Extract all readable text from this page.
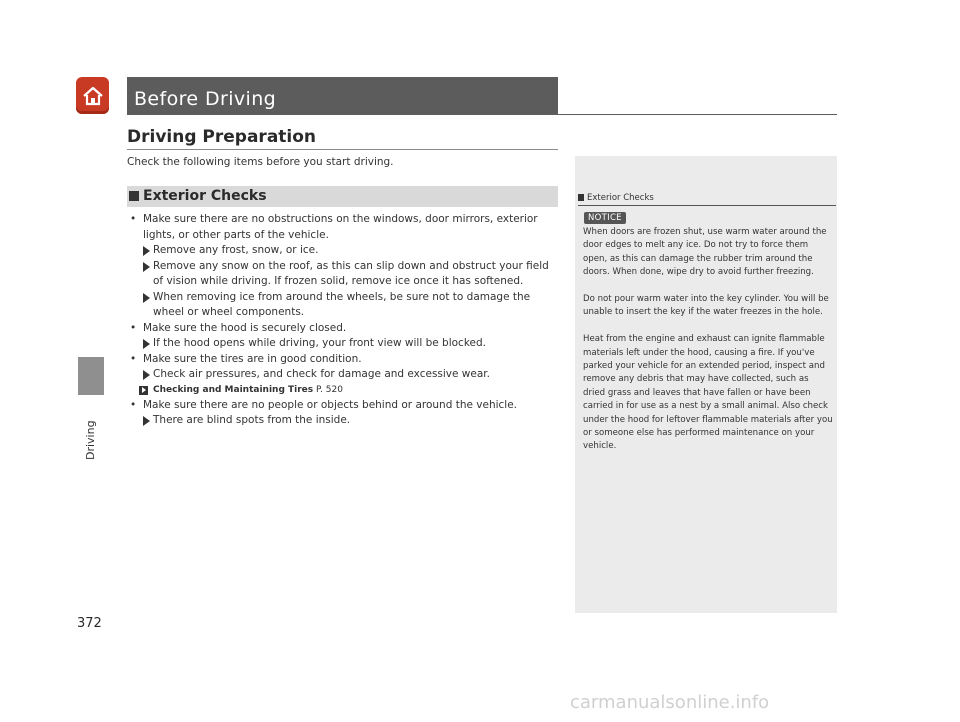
Driving
Before Driving
Driving Preparation
Check the following items before you start driving.
Exterior Checks
• Make sure there are no obstructions on the windows, door mirrors, exterior lights, or other parts of the vehicle.
Remove any frost, snow, or ice.
Remove any snow on the roof, as this can slip down and obstruct your field of vision while driving. If frozen solid, remove ice once it has softened.
When removing ice from around the wheels, be sure not to damage the wheel or wheel components.
• Make sure the hood is securely closed.
If the hood opens while driving, your front view will be blocked.
• Make sure the tires are in good condition.
Check air pressures, and check for damage and excessive wear.
Checking and Maintaining Tires P. 520
• Make sure there are no people or objects behind or around the vehicle.
There are blind spots from the inside.
Exterior Checks
NOTICE

When doors are frozen shut, use warm water around the door edges to melt any ice. Do not try to force them open, as this can damage the rubber trim around the doors. When done, wipe dry to avoid further freezing.

Do not pour warm water into the key cylinder. You will be unable to insert the key if the water freezes in the hole.

Heat from the engine and exhaust can ignite flammable materials left under the hood, causing a fire. If you've parked your vehicle for an extended period, inspect and remove any debris that may have collected, such as dried grass and leaves that have fallen or have been carried in for use as a nest by a small animal. Also check under the hood for leftover flammable materials after you or someone else has performed maintenance on your vehicle.

372
carmanualsonline.info
